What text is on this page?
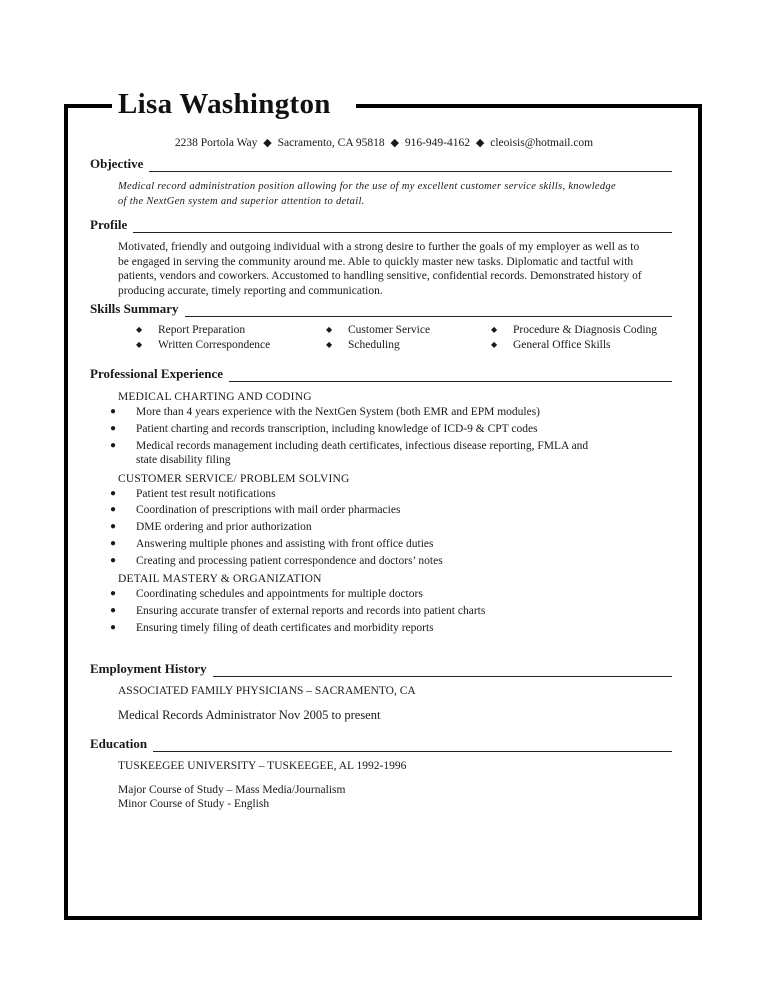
Lisa Washington
2238 Portola Way ◆ Sacramento, CA 95818 ◆ 916-949-4162 ◆ cleoisis@hotmail.com
Objective
Medical record administration position allowing for the use of my excellent customer service skills, knowledge
of the NextGen system and superior attention to detail.
Profile
Motivated, friendly and outgoing individual with a strong desire to further the goals of my employer as well as to
be engaged in serving the community around me. Able to quickly master new tasks. Diplomatic and tactful with
patients, vendors and coworkers. Accustomed to handling sensitive, confidential records. Demonstrated history of
producing accurate, timely reporting and communication.
Skills Summary
◆	Report Preparation	◆	Customer Service	◆	Procedure & Diagnosis Coding
◆	Written Correspondence	◆	Scheduling	◆	General Office Skills
Professional Experience
MEDICAL CHARTING AND CODING
●	More than 4 years experience with the NextGen System (both EMR and EPM modules)
●	Patient charting and records transcription, including knowledge of ICD-9 & CPT codes
●	Medical records management including death certificates, infectious disease reporting, FMLA and state disability filing
CUSTOMER SERVICE/ PROBLEM SOLVING
●	Patient test result notifications
●	Coordination of prescriptions with mail order pharmacies
●	DME ordering and prior authorization
●	Answering multiple phones and assisting with front office duties
●	Creating and processing patient correspondence and doctors’ notes
DETAIL MASTERY & ORGANIZATION
●	Coordinating schedules and appointments for multiple doctors
●	Ensuring accurate transfer of external reports and records into patient charts
●	Ensuring timely filing of death certificates and morbidity reports
Employment History
ASSOCIATED FAMILY PHYSICIANS – SACRAMENTO, CA
Medical Records Administrator Nov 2005 to present
Education
TUSKEEGEE UNIVERSITY – TUSKEEGEE, AL 1992-1996
Major Course of Study – Mass Media/Journalism
Minor Course of Study - English
